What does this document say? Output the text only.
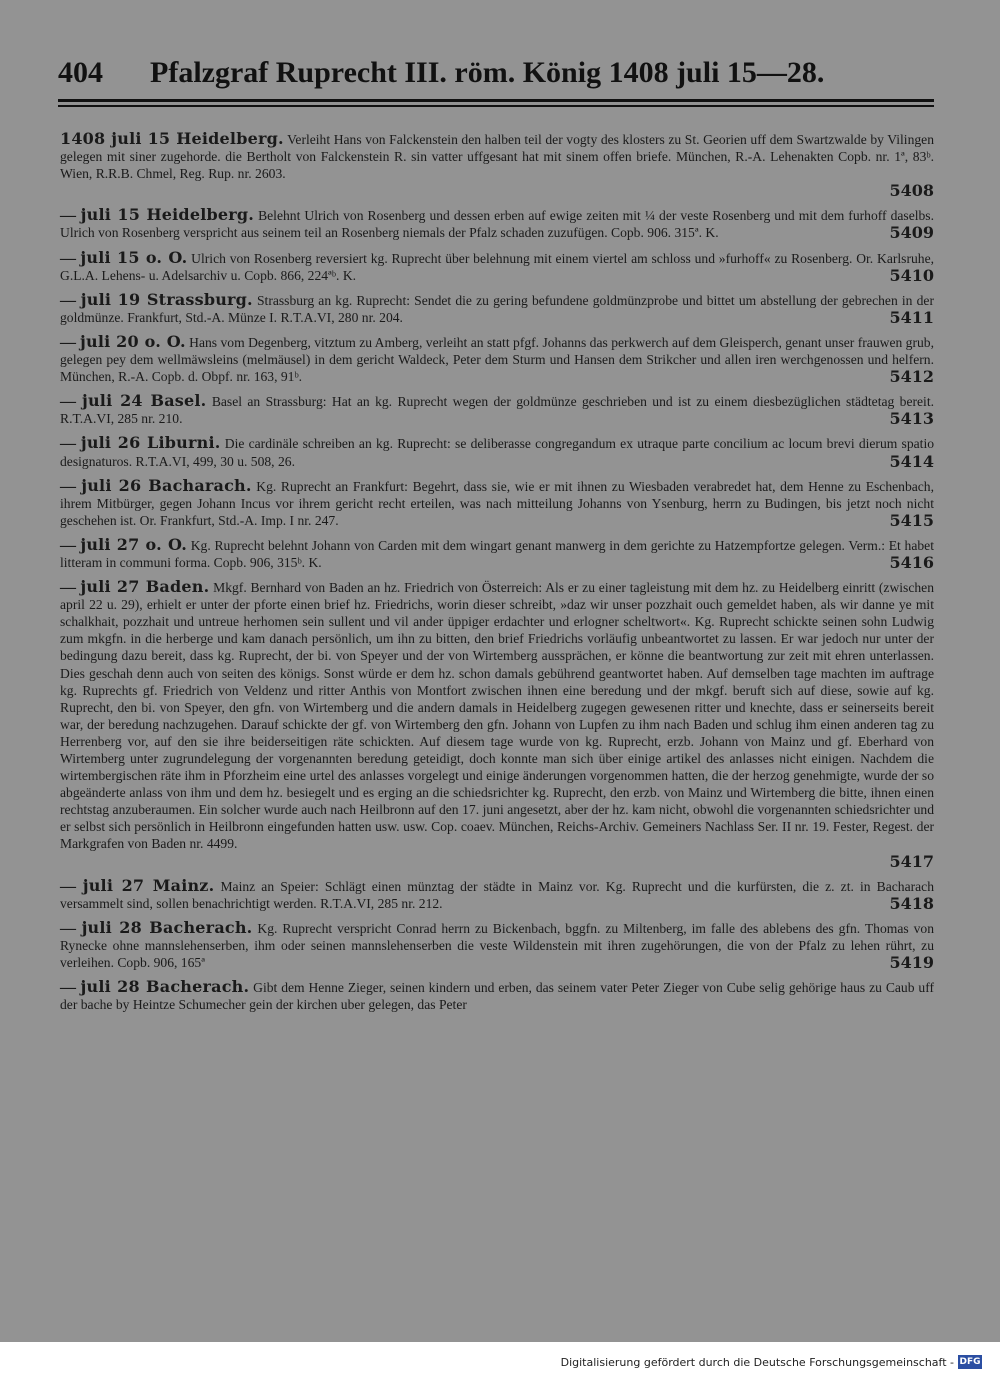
404 Pfalzgraf Ruprecht III. röm. König 1408 juli 15—28.
1408 juli 15 Heidelberg. Verleiht Hans von Falckenstein den halben teil der vogty des klosters zu St. Georien uff dem Swartzwalde by Vilingen gelegen mit siner zugehorde. die Bertholt von Falckenstein R. sin vatter uffgesant hat mit sinem offen briefe. München, R.-A. Lehenakten Copb. nr. 1ª, 83ᵇ. Wien, R.R.B. Chmel, Reg. Rup. nr. 2603.
5408
— juli 15 Heidelberg. Belehnt Ulrich von Rosenberg und dessen erben auf ewige zeiten mit ¼ der veste Rosenberg und mit dem furhoff daselbs. Ulrich von Rosenberg verspricht aus seinem teil an Rosenberg niemals der Pfalz schaden zuzufügen. Copb. 906. 315ª. K.	5409
— juli 15 o. O. Ulrich von Rosenberg reversiert kg. Ruprecht über belehnung mit einem viertel am schloss und »furhoff« zu Rosenberg. Or. Karlsruhe, G.L.A. Lehens- u. Adelsarchiv u. Copb. 866, 224ªᵇ. K.	5410
— juli 19 Strassburg. Strassburg an kg. Ruprecht: Sendet die zu gering befundene goldmünzprobe und bittet um abstellung der gebrechen in der goldmünze. Frankfurt, Std.-A. Münze I. R.T.A.VI, 280 nr. 204.	5411
— juli 20 o. O. Hans vom Degenberg, vitztum zu Amberg, verleiht an statt pfgf. Johanns das perkwerch auf dem Gleisperch, genant unser frauwen grub, gelegen pey dem wellmäwsleins (melmäusel) in dem gericht Waldeck, Peter dem Sturm und Hansen dem Strikcher und allen iren werchgenossen und helfern. München, R.-A. Copb. d. Obpf. nr. 163, 91ᵇ.	5412
— juli 24 Basel. Basel an Strassburg: Hat an kg. Ruprecht wegen der goldmünze geschrieben und ist zu einem diesbezüglichen städtetag bereit. R.T.A.VI, 285 nr. 210.	5413
— juli 26 Liburni. Die cardinäle schreiben an kg. Ruprecht: se deliberasse congregandum ex utraque parte concilium ac locum brevi dierum spatio designaturos. R.T.A.VI, 499, 30 u. 508, 26.	5414
— juli 26 Bacharach. Kg. Ruprecht an Frankfurt: Begehrt, dass sie, wie er mit ihnen zu Wiesbaden verabredet hat, dem Henne zu Eschenbach, ihrem Mitbürger, gegen Johann Incus vor ihrem gericht recht erteilen, was nach mitteilung Johanns von Ysenburg, herrn zu Budingen, bis jetzt noch nicht geschehen ist. Or. Frankfurt, Std.-A. Imp. I nr. 247.	5415
— juli 27 o. O. Kg. Ruprecht belehnt Johann von Carden mit dem wingart genant manwerg in dem gerichte zu Hatzempfortze gelegen. Verm.: Et habet litteram in communi forma. Copb. 906, 315ᵇ. K.	5416
— juli 27 Baden. Mkgf. Bernhard von Baden an hz. Friedrich von Österreich: Als er zu einer tagleistung mit dem hz. zu Heidelberg einritt (zwischen april 22 u. 29), erhielt er unter der pforte einen brief hz. Friedrichs, worin dieser schreibt, »daz wir unser pozzhait ouch gemeldet haben, als wir danne ye mit schalkhait, pozzhait und untreue herhomen sein sullent und vil ander üppiger erdachter und erlogner scheltwort«. Kg. Ruprecht schickte seinen sohn Ludwig zum mkgfn. in die herberge und kam danach persönlich, um ihn zu bitten, den brief Friedrichs vorläufig unbeantwortet zu lassen. Er war jedoch nur unter der bedingung dazu bereit, dass kg. Ruprecht, der bi. von Speyer und der von Wirtemberg aussprächen, er könne die beantwortung zur zeit mit ehren unterlassen. Dies geschah denn auch von seiten des königs. Sonst würde er dem hz. schon damals gebührend geantwortet haben. Auf demselben tage machten im auftrage kg. Ruprechts gf. Friedrich von Veldenz und ritter Anthis von Montfort zwischen ihnen eine beredung und der mkgf. beruft sich auf diese, sowie auf kg. Ruprecht, den bi. von Speyer, den gfn. von Wirtemberg und die andern damals in Heidelberg zugegen gewesenen ritter und knechte, dass er seinerseits bereit war, der beredung nachzugehen. Darauf schickte der gf. von Wirtemberg den gfn. Johann von Lupfen zu ihm nach Baden und schlug ihm einen anderen tag zu Herrenberg vor, auf den sie ihre beiderseitigen räte schickten. Auf diesem tage wurde von kg. Ruprecht, erzb. Johann von Mainz und gf. Eberhard von Wirtemberg unter zugrundelegung der vorgenannten beredung geteidigt, doch konnte man sich über einige artikel des anlasses nicht einigen. Nachdem die wirtembergischen räte ihm in Pforzheim eine urtel des anlasses vorgelegt und einige änderungen vorgenommen hatten, die der herzog genehmigte, wurde der so abgeänderte anlass von ihm und dem hz. besiegelt und es erging an die schiedsrichter kg. Ruprecht, den erzb. von Mainz und Wirtemberg die bitte, ihnen einen rechtstag anzuberaumen. Ein solcher wurde auch nach Heilbronn auf den 17. juni angesetzt, aber der hz. kam nicht, obwohl die vorgenannten schiedsrichter und er selbst sich persönlich in Heilbronn eingefunden hatten usw. usw. Cop. coaev. München, Reichs-Archiv. Gemeiners Nachlass Ser. II nr. 19. Fester, Regest. der Markgrafen von Baden nr. 4499.
5417
— juli 27 Mainz. Mainz an Speier: Schlägt einen münztag der städte in Mainz vor. Kg. Ruprecht und die kurfürsten, die z. zt. in Bacharach versammelt sind, sollen benachrichtigt werden. R.T.A.VI, 285 nr. 212.	5418
— juli 28 Bacherach. Kg. Ruprecht verspricht Conrad herrn zu Bickenbach, bggfn. zu Miltenberg, im falle des ablebens des gfn. Thomas von Rynecke ohne mannslehenserben, ihm oder seinen mannslehenserben die veste Wildenstein mit ihren zugehörungen, die von der Pfalz zu lehen rührt, zu verleihen. Copb. 906, 165ª	5419
— juli 28 Bacherach. Gibt dem Henne Zieger, seinen kindern und erben, das seinem vater Peter Zieger von Cube selig gehörige haus zu Caub uff der bache by Heintze Schumecher gein der kirchen uber gelegen, das Peter
Digitalisierung gefördert durch die Deutsche Forschungsgemeinschaft - DFG
